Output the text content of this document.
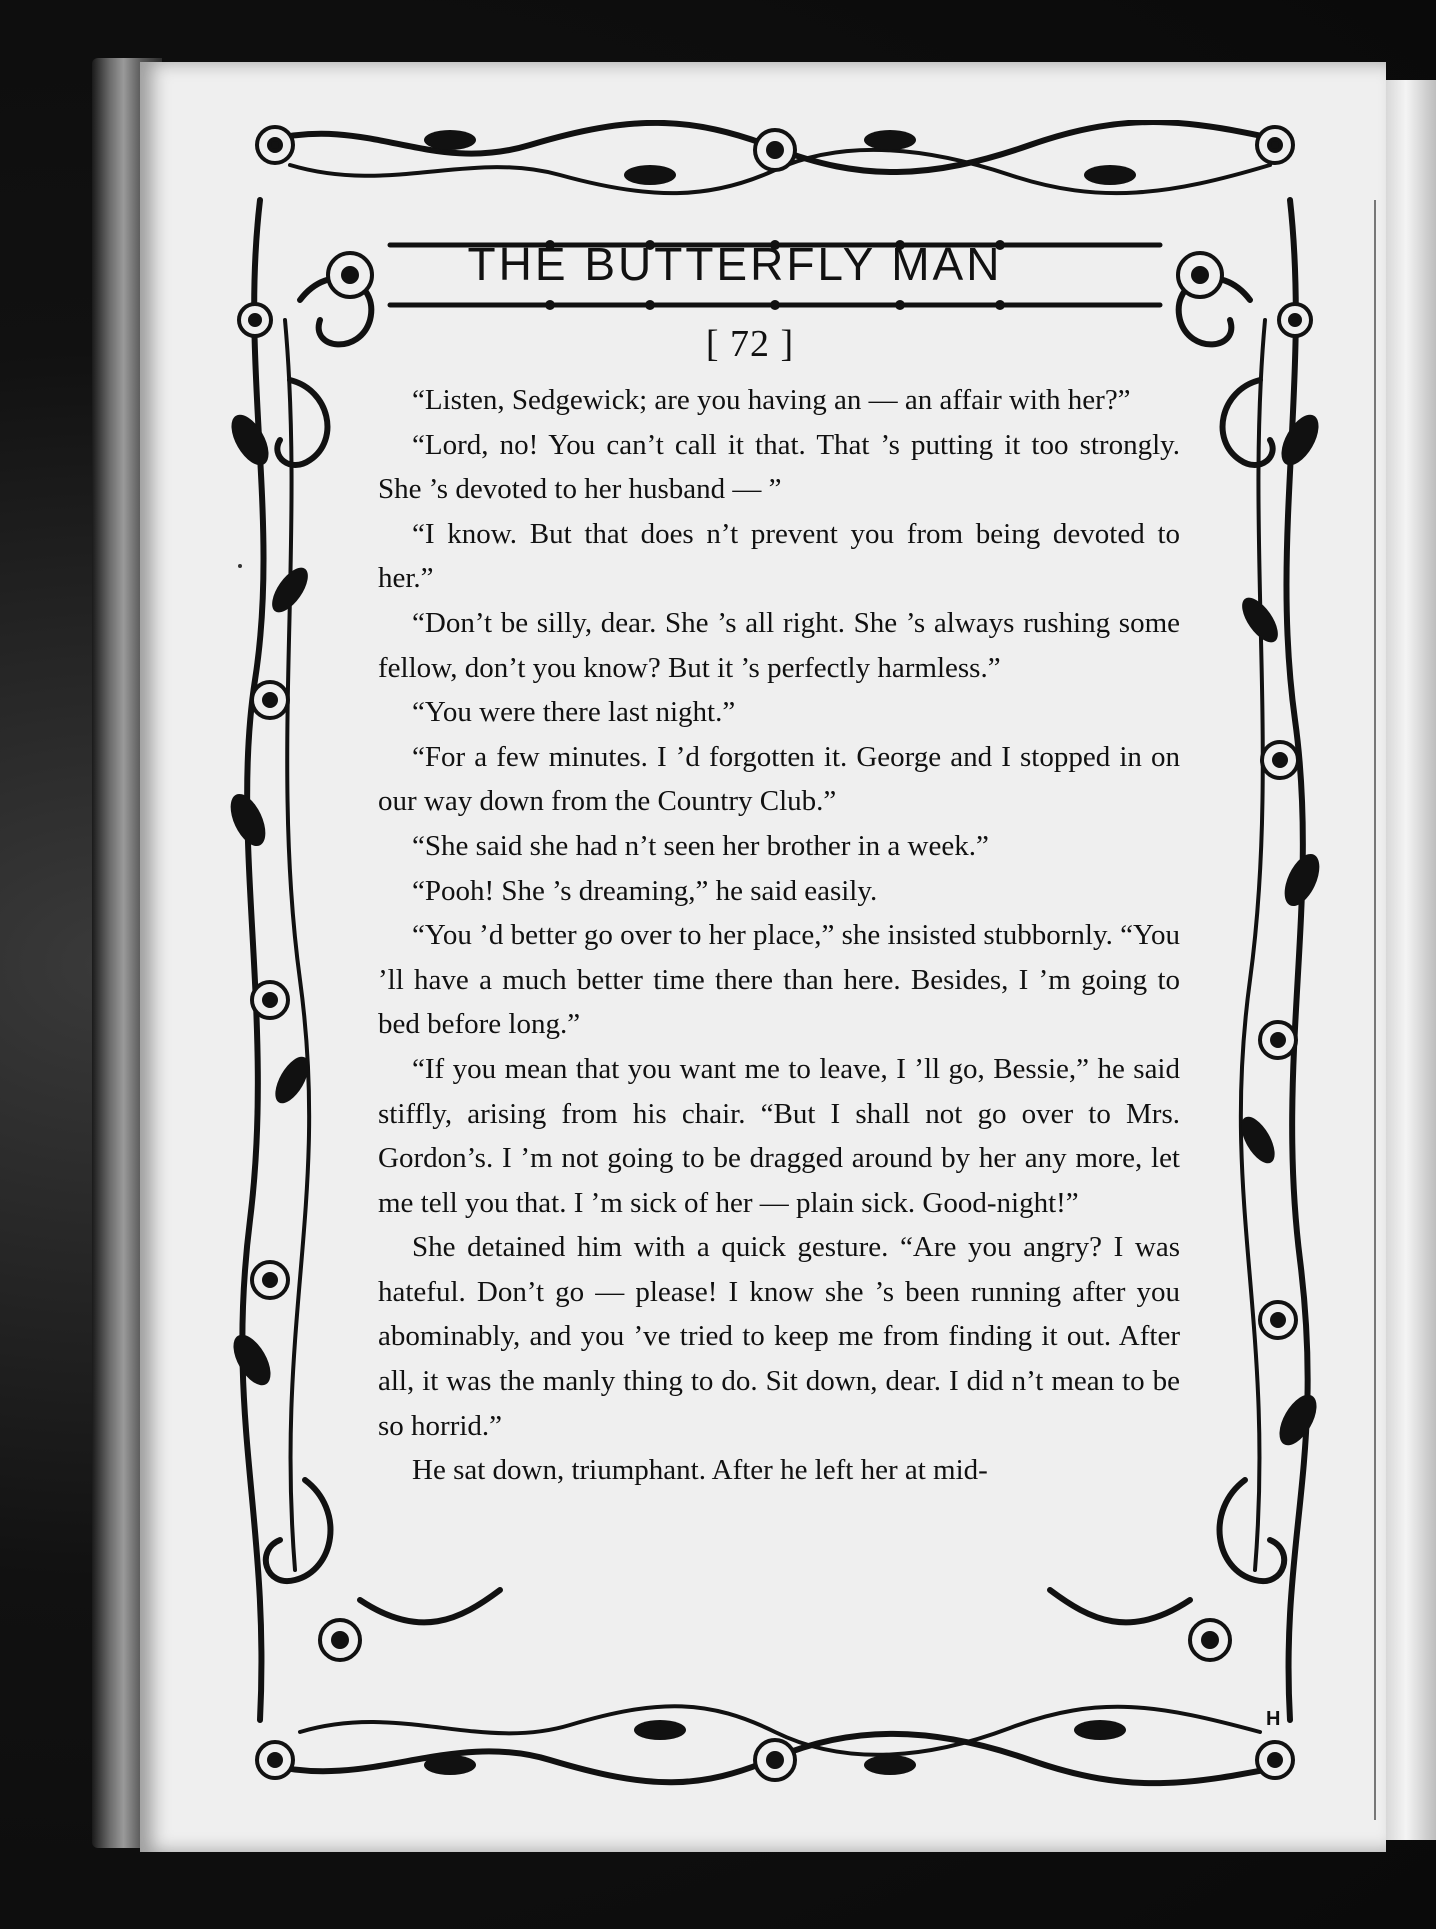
THE BUTTERFLY MAN
[ 72 ]

“Listen, Sedgewick; are you having an — an affair with her?”

“Lord, no! You can’t call it that. That ’s putting it too strongly. She ’s devoted to her husband — ”

“I know. But that does n’t prevent you from being devoted to her.”

“Don’t be silly, dear. She ’s all right. She ’s always rushing some fellow, don’t you know? But it ’s perfectly harmless.”

“You were there last night.”

“For a few minutes. I ’d forgotten it. George and I stopped in on our way down from the Country Club.”

“She said she had n’t seen her brother in a week.”

“Pooh! She ’s dreaming,” he said easily.

“You ’d better go over to her place,” she insisted stubbornly. “You ’ll have a much better time there than here. Besides, I ’m going to bed before long.”

“If you mean that you want me to leave, I ’ll go, Bessie,” he said stiffly, arising from his chair. “But I shall not go over to Mrs. Gordon’s. I ’m not going to be dragged around by her any more, let me tell you that. I ’m sick of her — plain sick. Good-night!”

She detained him with a quick gesture. “Are you angry? I was hateful. Don’t go — please! I know she ’s been running after you abominably, and you ’ve tried to keep me from finding it out. After all, it was the manly thing to do. Sit down, dear. I did n’t mean to be so horrid.”

He sat down, triumphant. After he left her at mid-

H
